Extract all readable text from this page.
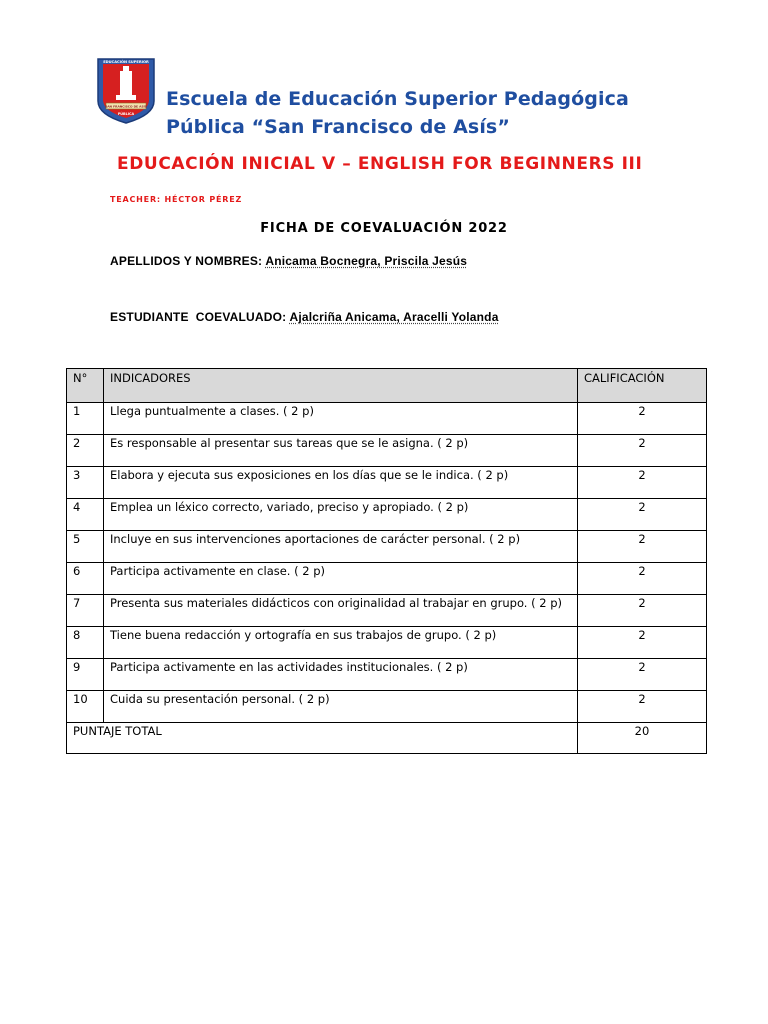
EDUCACIÓN SUPERIOR
SAN FRANCISCO DE ASÍS
PÚBLICA
Escuela de Educación Superior Pedagógica
Pública “San Francisco de Asís”
EDUCACIÓN INICIAL V – ENGLISH FOR BEGINNERS III
TEACHER: HÉCTOR PÉREZ
FICHA DE COEVALUACIÓN 2022
APELLIDOS Y NOMBRES: Anicama Bocnegra, Priscila Jesús
ESTUDIANTE  COEVALUADO: Ajalcriña Anicama, Aracelli Yolanda
N°	INDICADORES	CALIFICACIÓN
1	Llega puntualmente a clases. ( 2 p)	2
2	Es responsable al presentar sus tareas que se le asigna. ( 2 p)	2
3	Elabora y ejecuta sus exposiciones en los días que se le indica. ( 2 p)	2
4	Emplea un léxico correcto, variado, preciso y apropiado. ( 2 p)	2
5	Incluye en sus intervenciones aportaciones de carácter personal. ( 2 p)	2
6	Participa activamente en clase. ( 2 p)	2
7	Presenta sus materiales didácticos con originalidad al trabajar en grupo. ( 2 p)	2
8	Tiene buena redacción y ortografía en sus trabajos de grupo. ( 2 p)	2
9	Participa activamente en las actividades institucionales. ( 2 p)	2
10	Cuida su presentación personal. ( 2 p)	2
PUNTAJE TOTAL		20
